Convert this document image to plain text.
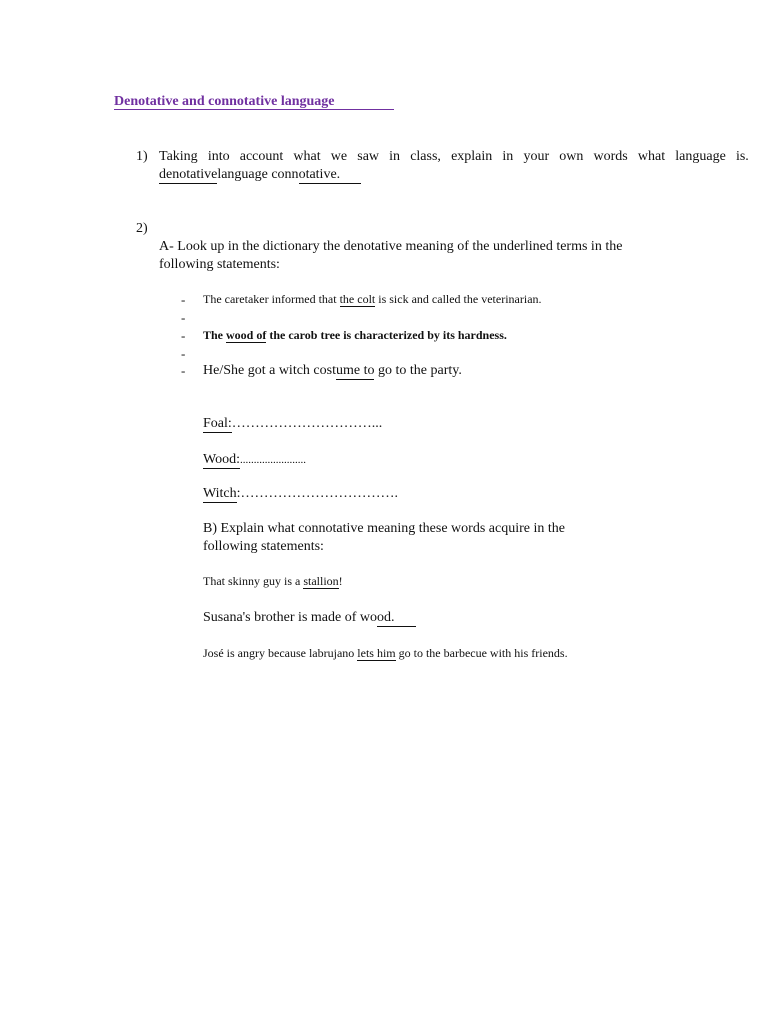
Denotative and connotative language
1) Taking into account what we saw in class, explain in your own words what language is.
denotativelanguage connotative.
2)
A- Look up in the dictionary the denotative meaning of the underlined terms in the
following statements:
- The caretaker informed that the colt is sick and called the veterinarian.
-
- The wood of the carob tree is characterized by its hardness.
-
- He/She got a witch costume to go to the party.
Foal:…………………………...
Wood:........................
Witch:…………………………….
B) Explain what connotative meaning these words acquire in the
following statements:
That skinny guy is a stallion!
Susana's brother is made of wood.
José is angry because labrujano lets him go to the barbecue with his friends.
